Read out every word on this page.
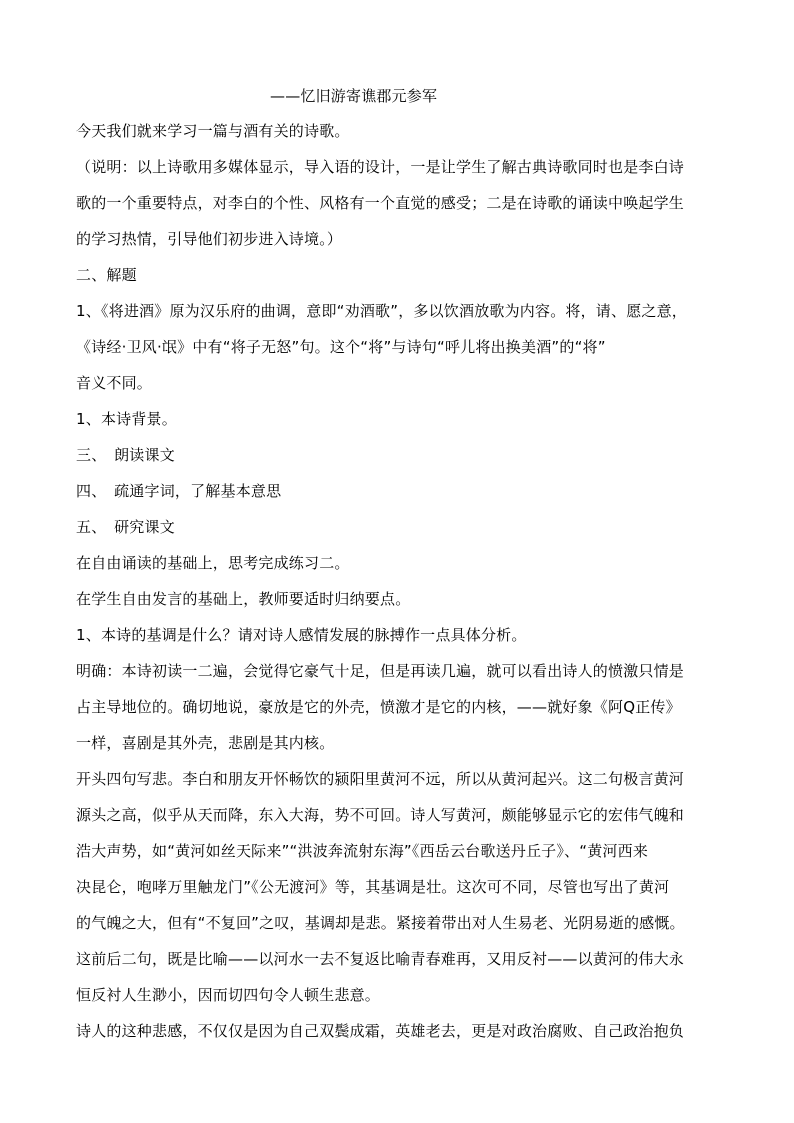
——忆旧游寄谯郡元参军
今天我们就来学习一篇与酒有关的诗歌。
（说明：以上诗歌用多媒体显示，导入语的设计，一是让学生了解古典诗歌同时也是李白诗
歌的一个重要特点，对李白的个性、风格有一个直觉的感受；二是在诗歌的诵读中唤起学生
的学习热情，引导他们初步进入诗境。）
二、解题
1、《将进酒》原为汉乐府的曲调，意即“劝酒歌”，多以饮酒放歌为内容。将，请、愿之意，
《诗经·卫风·氓》中有“将子无怒”句。这个“将”与诗句“呼儿将出换美酒”的“将”
音义不同。
1、本诗背景。
三、　朗读课文
四、　疏通字词，了解基本意思
五、　研究课文
在自由诵读的基础上，思考完成练习二。
在学生自由发言的基础上，教师要适时归纳要点。
1、本诗的基调是什么？请对诗人感情发展的脉搏作一点具体分析。
明确：本诗初读一二遍，会觉得它豪气十足，但是再读几遍，就可以看出诗人的愤激只情是
占主导地位的。确切地说，豪放是它的外壳，愤激才是它的内核，——就好象《阿Q正传》
一样，喜剧是其外壳，悲剧是其内核。
开头四句写悲。李白和朋友开怀畅饮的颍阳里黄河不远，所以从黄河起兴。这二句极言黄河
源头之高，似乎从天而降，东入大海，势不可回。诗人写黄河，颇能够显示它的宏伟气魄和
浩大声势，如“黄河如丝天际来”“洪波奔流射东海”《西岳云台歌送丹丘子》、“黄河西来
决昆仑，咆哮万里触龙门”《公无渡河》等，其基调是壮。这次可不同，尽管也写出了黄河
的气魄之大，但有“不复回”之叹，基调却是悲。紧接着带出对人生易老、光阴易逝的感慨。
这前后二句，既是比喻——以河水一去不复返比喻青春难再，又用反衬——以黄河的伟大永
恒反衬人生渺小，因而切四句令人顿生悲意。
诗人的这种悲感，不仅仅是因为自己双鬓成霜，英雄老去，更是对政治腐败、自己政治抱负
